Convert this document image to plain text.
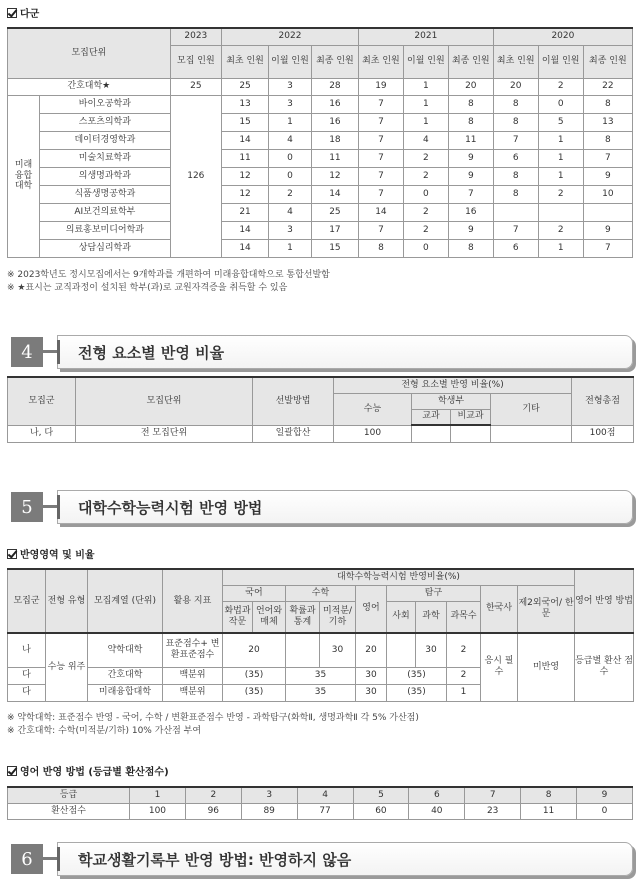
다군
모집단위		2023	2022			2021			2020		
		모집 인원	최초 인원	이월 인원	최종 인원	최초 인원	이월 인원	최종 인원	최초 인원	이월 인원	최종 인원
간호대학★		25	25	3	28	19	1	20	20	2	22
미래 융합 대학	바이오공학과	126	13	3	16	7	1	8	8	0	8
	스포츠의학과		15	1	16	7	1	8	8	5	13
	데이터경영학과		14	4	18	7	4	11	7	1	8
	미술치료학과		11	0	11	7	2	9	6	1	7
	의생명과학과		12	0	12	7	2	9	8	1	9
	식품생명공학과		12	2	14	7	0	7	8	2	10
	AI보건의료학부		21	4	25	14	2	16			
	의료홍보미디어학과		14	3	17	7	2	9	7	2	9
	상담심리학과		14	1	15	8	0	8	6	1	7
※ 2023학년도 정시모집에서는 9개학과를 개편하여 미래융합대학으로 통합선발함
※ ★표시는 교직과정이 설치된 학부(과)로 교원자격증을 취득할 수 있음
4	전형 요소별 반영 비율
모집군	모집단위	선발방법	전형 요소별 반영 비율(%)				전형총점
			수능	학생부		기타	
				교과	비교과		
나, 다	전 모집단위	일괄합산	100				100점
5	대학수학능력시험 반영 방법
반영영역 및 비율
모집군	전형 유형	모집계열 (단위)	활용 지표	대학수학능력시험 반영비율(%)										영어 반영 방법
				국어		수학		영어	탐구			한국사	제2외국어/ 한문	
				화법과 작문	언어와 매체	확률과 통계	미적분/ 기하		사회	과학	과목수			
나	수능 위주	약학대학	표준점수+ 변환표준점수	20			30	20		30	2	응시 필수	미반영	등급별 환산 점수
다		간호대학	백분위	(35)		35		30	(35)		2			
다		미래융합대학	백분위	(35)		35		30	(35)		1			
※ 약학대학: 표준점수 반영 - 국어, 수학 / 변환표준점수 반영 - 과학탐구(화학Ⅱ, 생명과학Ⅱ 각 5% 가산점)
※ 간호대학: 수학(미적분/기하) 10% 가산점 부여
영어 반영 방법 (등급별 환산점수)
등급	1	2	3	4	5	6	7	8	9
환산점수	100	96	89	77	60	40	23	11	0
6	학교생활기록부 반영 방법: 반영하지 않음
